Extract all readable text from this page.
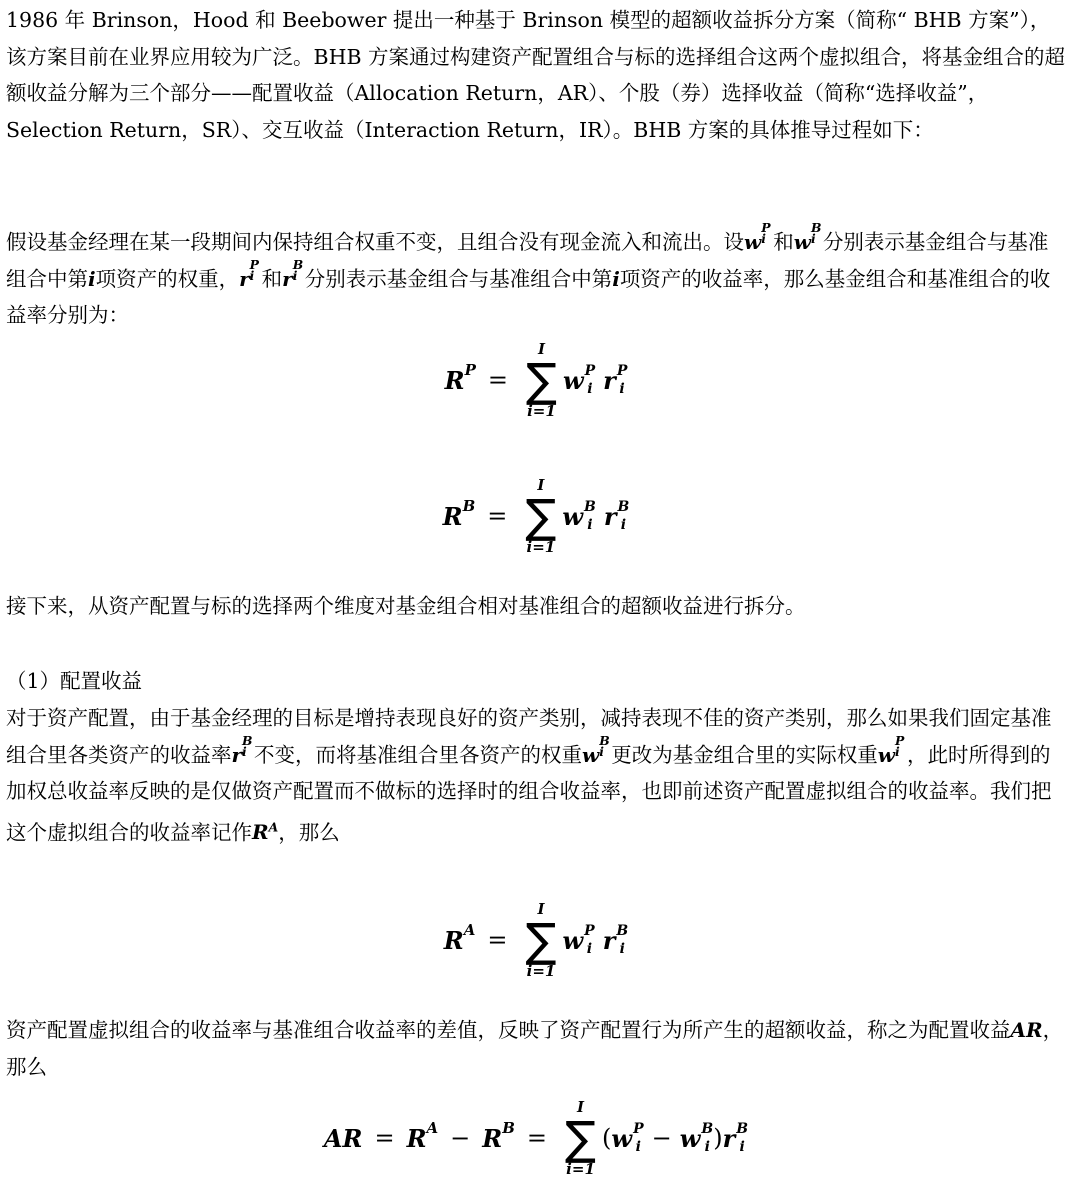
1986 年 Brinson，Hood 和 Beebower 提出一种基于 Brinson 模型的超额收益拆分方案（简称“ BHB 方案”），该方案目前在业界应用较为广泛。BHB 方案通过构建资产配置组合与标的选择组合这两个虚拟组合，将基金组合的超额收益分解为三个部分——配置收益（Allocation Return，AR）、个股（券）选择收益（简称“选择收益”，Selection Return，SR）、交互收益（Interaction Return，IR）。BHB 方案的具体推导过程如下：

假设基金经理在某一段期间内保持组合权重不变，且组合没有现金流入和流出。设w
P
i 和w
B
i 分别表示基金组合与基准组合中第i项资产的权重，r
P
i 和r
B
i 分别表示基金组合与基准组合中第i项资产的收益率，那么基金组合和基准组合的收益率分别为：

R P =
I
∑
i=1
w P
i r P
i
R B =
I
∑
i=1
w B
i r B
i

接下来，从资产配置与标的选择两个维度对基金组合相对基准组合的超额收益进行拆分。

（1）配置收益

对于资产配置，由于基金经理的目标是增持表现良好的资产类别，减持表现不佳的资产类别，那么如果我们固定基准组合里各类资产的收益率r
B
i 不变，而将基准组合里各资产的权重w
B
i 更改为基金组合里的实际权重w
P
i ，此时所得到的加权总收益率反映的是仅做资产配置而不做标的选择时的组合收益率，也即前述资产配置虚拟组合的收益率。我们把这个虚拟组合的收益率记作$R^A$，那么

R A =
I
∑
i=1
w P
i r B
i

资产配置虚拟组合的收益率与基准组合收益率的差值，反映了资产配置行为所产生的超额收益，称之为配置收益AR，那么

AR = R A − R B =
I
∑
i=1
( w P
i − w B
i ) r B
i
